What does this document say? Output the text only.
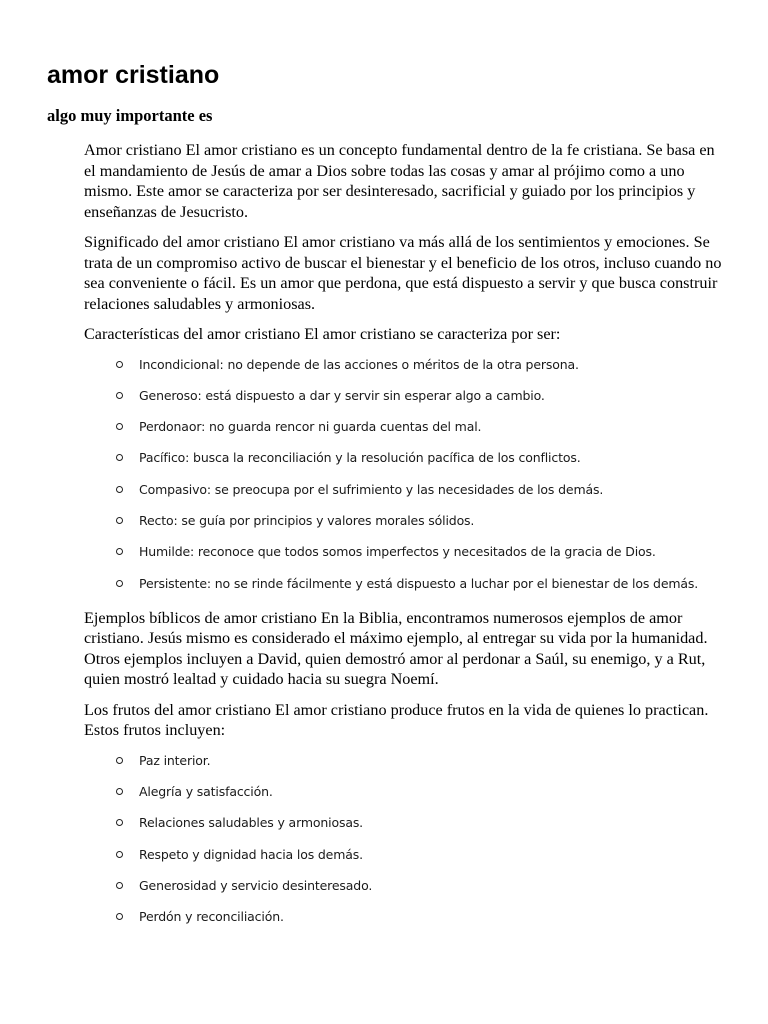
amor cristiano
algo muy importante es

Amor cristiano El amor cristiano es un concepto fundamental dentro de la fe cristiana. Se basa en el mandamiento de Jesús de amar a Dios sobre todas las cosas y amar al prójimo como a uno mismo. Este amor se caracteriza por ser desinteresado, sacrificial y guiado por los principios y enseñanzas de Jesucristo.

Significado del amor cristiano El amor cristiano va más allá de los sentimientos y emociones. Se trata de un compromiso activo de buscar el bienestar y el beneficio de los otros, incluso cuando no sea conveniente o fácil. Es un amor que perdona, que está dispuesto a servir y que busca construir relaciones saludables y armoniosas.

Características del amor cristiano El amor cristiano se caracteriza por ser:

Incondicional: no depende de las acciones o méritos de la otra persona.
Generoso: está dispuesto a dar y servir sin esperar algo a cambio.
Perdonaor: no guarda rencor ni guarda cuentas del mal.
Pacífico: busca la reconciliación y la resolución pacífica de los conflictos.
Compasivo: se preocupa por el sufrimiento y las necesidades de los demás.
Recto: se guía por principios y valores morales sólidos.
Humilde: reconoce que todos somos imperfectos y necesitados de la gracia de Dios.
Persistente: no se rinde fácilmente y está dispuesto a luchar por el bienestar de los demás.

Ejemplos bíblicos de amor cristiano En la Biblia, encontramos numerosos ejemplos de amor cristiano. Jesús mismo es considerado el máximo ejemplo, al entregar su vida por la humanidad. Otros ejemplos incluyen a David, quien demostró amor al perdonar a Saúl, su enemigo, y a Rut, quien mostró lealtad y cuidado hacia su suegra Noemí.

Los frutos del amor cristiano El amor cristiano produce frutos en la vida de quienes lo practican. Estos frutos incluyen:

Paz interior.
Alegría y satisfacción.
Relaciones saludables y armoniosas.
Respeto y dignidad hacia los demás.
Generosidad y servicio desinteresado.
Perdón y reconciliación.
